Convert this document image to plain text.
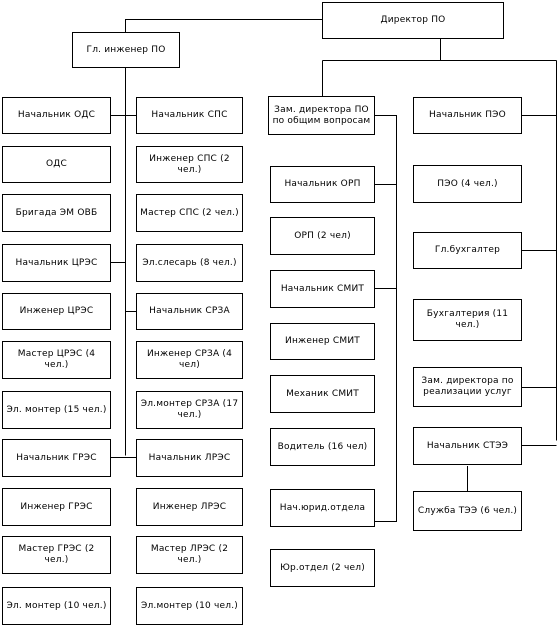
Директор ПО
Гл. инженер ПО
Начальник ОДС
ОДС
Бригада ЭМ ОВБ
Начальник ЦРЭС
Инженер ЦРЭС
Мастер ЦРЭС (4 чел.)
Эл. монтер (15 чел.)
Начальник ГРЭС
Инженер ГРЭС
Мастер ГРЭС (2 чел.)
Эл. монтер (10 чел.)
Начальник СПС
Инженер СПС (2 чел.)
Мастер СПС (2 чел.)
Эл.слесарь (8 чел.)
Начальник СРЗА
Инженер СРЗА (4 чел)
Эл.монтер СРЗА (17 чел.)
Начальник ЛРЭС
Инженер ЛРЭС
Мастер ЛРЭС (2 чел.)
Эл.монтер (10 чел.)
Зам. директора ПО по общим вопросам
Начальник ОРП
ОРП (2 чел)
Начальник СМИТ
Инженер СМИТ
Механик СМИТ
Водитель (16 чел)
Нач.юрид.отдела
Юр.отдел (2 чел)
Начальник ПЭО
ПЭО (4 чел.)
Гл.бухгалтер
Бухгалтерия (11 чел.)
Зам. директора по реализации услуг
Начальник СТЭЭ
Служба ТЭЭ (6 чел.)
